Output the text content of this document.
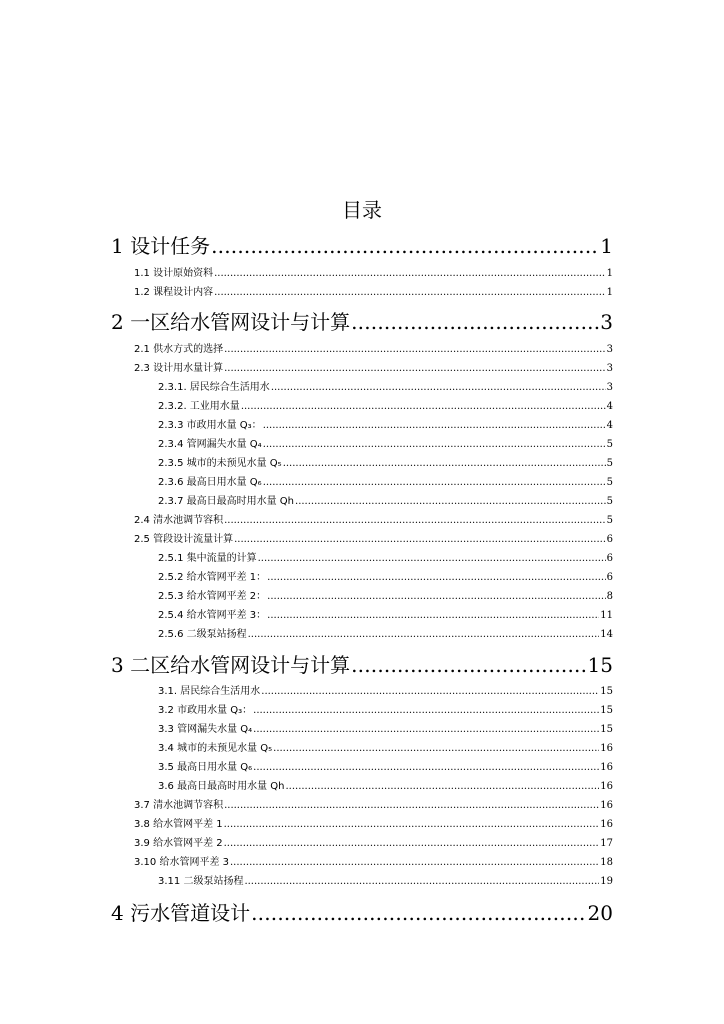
目录
1 设计任务 .....	1
1.1 设计原始资料 .....	1
1.2 课程设计内容 .....	1
2 一区给水管网设计与计算 .....	3
2.1 供水方式的选择 .....	3
2.3 设计用水量计算 .....	3
2.3.1. 居民综合生活用水 .....	3
2.3.2. 工业用水量 .....	4
2.3.3 市政用水量 Q₃： .....	4
2.3.4 管网漏失水量 Q₄ .....	5
2.3.5 城市的未预见水量 Q₅ .....	5
2.3.6 最高日用水量 Q₆ .....	5
2.3.7 最高日最高时用水量 Qh .....	5
2.4 清水池调节容积 .....	5
2.5 管段设计流量计算 .....	6
2.5.1 集中流量的计算 .....	6
2.5.2 给水管网平差 1： .....	6
2.5.3 给水管网平差 2： .....	8
2.5.4 给水管网平差 3： .....	11
2.5.6 二级泵站扬程 .....	14
3 二区给水管网设计与计算 .....	15
3.1. 居民综合生活用水 .....	15
3.2 市政用水量 Q₃： .....	15
3.3 管网漏失水量 Q₄ .....	15
3.4 城市的未预见水量 Q₅ .....	16
3.5 最高日用水量 Q₆ .....	16
3.6 最高日最高时用水量 Qh .....	16
3.7 清水池调节容积 .....	16
3.8 给水管网平差 1 .....	16
3.9 给水管网平差 2 .....	17
3.10 给水管网平差 3 .....	18
3.11 二级泵站扬程 .....	19
4 污水管道设计 .....	20
